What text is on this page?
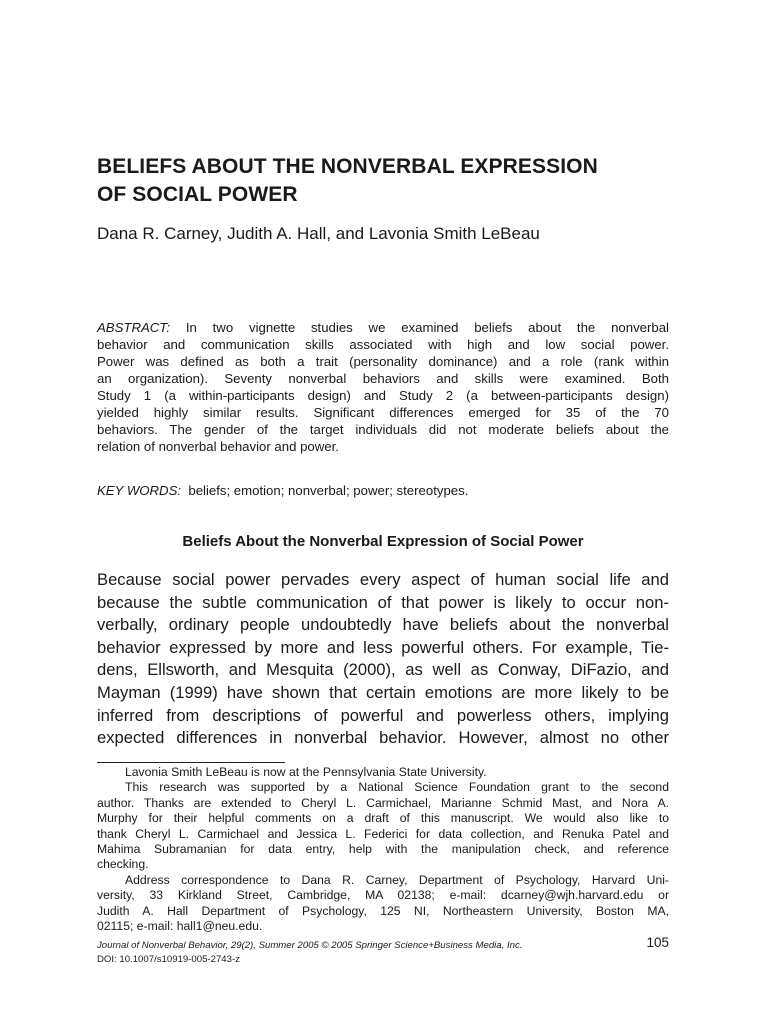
BELIEFS ABOUT THE NONVERBAL EXPRESSION
OF SOCIAL POWER

Dana R. Carney, Judith A. Hall, and Lavonia Smith LeBeau

ABSTRACT: In two vignette studies we examined beliefs about the nonverbal
behavior and communication skills associated with high and low social power.
Power was defined as both a trait (personality dominance) and a role (rank within
an organization). Seventy nonverbal behaviors and skills were examined. Both
Study 1 (a within-participants design) and Study 2 (a between-participants design)
yielded highly similar results. Significant differences emerged for 35 of the 70
behaviors. The gender of the target individuals did not moderate beliefs about the
relation of nonverbal behavior and power.

KEY WORDS: beliefs; emotion; nonverbal; power; stereotypes.

Beliefs About the Nonverbal Expression of Social Power
Because social power pervades every aspect of human social life and
because the subtle communication of that power is likely to occur non-
verbally, ordinary people undoubtedly have beliefs about the nonverbal
behavior expressed by more and less powerful others. For example, Tie-
dens, Ellsworth, and Mesquita (2000), as well as Conway, DiFazio, and
Mayman (1999) have shown that certain emotions are more likely to be
inferred from descriptions of powerful and powerless others, implying
expected differences in nonverbal behavior. However, almost no other
Lavonia Smith LeBeau is now at the Pennsylvania State University.
This research was supported by a National Science Foundation grant to the second
author. Thanks are extended to Cheryl L. Carmichael, Marianne Schmid Mast, and Nora A.
Murphy for their helpful comments on a draft of this manuscript. We would also like to
thank Cheryl L. Carmichael and Jessica L. Federici for data collection, and Renuka Patel and
Mahima Subramanian for data entry, help with the manipulation check, and reference
checking.
Address correspondence to Dana R. Carney, Department of Psychology, Harvard Uni-
versity, 33 Kirkland Street, Cambridge, MA 02138; e-mail: dcarney@wjh.harvard.edu or
Judith A. Hall Department of Psychology, 125 NI, Northeastern University, Boston MA,
02115; e-mail: hall1@neu.edu.

Journal of Nonverbal Behavior, 29(2), Summer 2005 © 2005 Springer Science+Business Media, Inc.

DOI: 10.1007/s10919-005-2743-z

105
